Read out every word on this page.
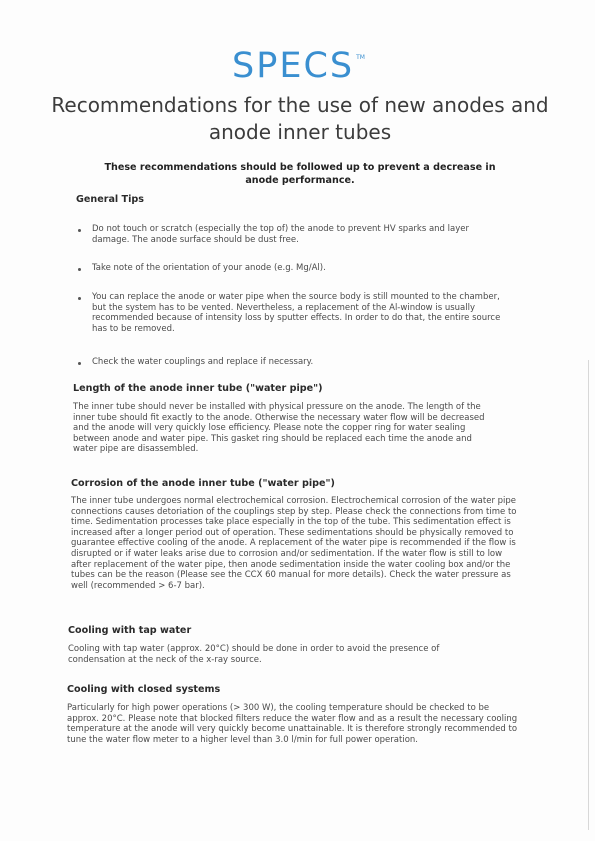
SPECS ™
Recommendations for the use of new anodes and anode inner tubes
These recommendations should be followed up to prevent a decrease in anode performance.
General Tips
Do not touch or scratch (especially the top of) the anode to prevent HV sparks and layer damage. The anode surface should be dust free.
Take note of the orientation of your anode (e.g. Mg/Al).
You can replace the anode or water pipe when the source body is still mounted to the chamber, but the system has to be vented. Nevertheless, a replacement of the Al-window is usually recommended because of intensity loss by sputter effects. In order to do that, the entire source has to be removed.
Check the water couplings and replace if necessary.
Length of the anode inner tube ("water pipe")
The inner tube should never be installed with physical pressure on the anode. The length of the inner tube should fit exactly to the anode. Otherwise the necessary water flow will be decreased and the anode will very quickly lose efficiency. Please note the copper ring for water sealing between anode and water pipe. This gasket ring should be replaced each time the anode and water pipe are disassembled.
Corrosion of the anode inner tube ("water pipe")
The inner tube undergoes normal electrochemical corrosion. Electrochemical corrosion of the water pipe connections causes detoriation of the couplings step by step. Please check the connections from time to time. Sedimentation processes take place especially in the top of the tube. This sedimentation effect is increased after a longer period out of operation. These sedimentations should be physically removed to guarantee effective cooling of the anode. A replacement of the water pipe is recommended if the flow is disrupted or if water leaks arise due to corrosion and/or sedimentation. If the water flow is still to low after replacement of the water pipe, then anode sedimentation inside the water cooling box and/or the tubes can be the reason (Please see the CCX 60 manual for more details). Check the water pressure as well (recommended > 6-7 bar).
Cooling with tap water
Cooling with tap water (approx. 20°C) should be done in order to avoid the presence of condensation at the neck of the x-ray source.
Cooling with closed systems
Particularly for high power operations (> 300 W), the cooling temperature should be checked to be approx. 20°C. Please note that blocked filters reduce the water flow and as a result the necessary cooling temperature at the anode will very quickly become unattainable. It is therefore strongly recommended to tune the water flow meter to a higher level than 3.0 l/min for full power operation.
